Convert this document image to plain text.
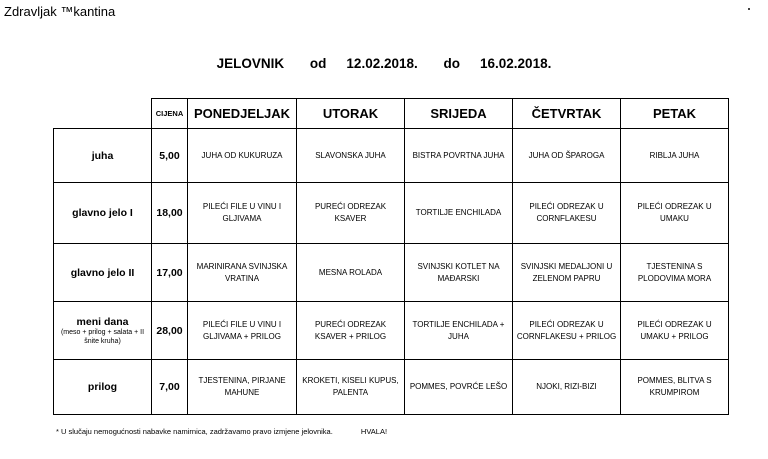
Zdravljak ™kantina
JELOVNIK od 12.02.2018. do 16.02.2018.
	CIJENA	PONEDJELJAK	UTORAK	SRIJEDA	ČETVRTAK	PETAK
juha	5,00	JUHA OD KUKURUZA	SLAVONSKA JUHA	BISTRA POVRTNA JUHA	JUHA OD ŠPAROGA	RIBLJA JUHA
glavno jelo I	18,00	PILEĆI FILE U VINU I GLJIVAMA	PUREĆI ODREZAK KSAVER	TORTILJE ENCHILADA	PILEĆI ODREZAK U CORNFLAKESU	PILEĆI ODREZAK U UMAKU
glavno jelo II	17,00	MARINIRANA SVINJSKA VRATINA	MESNA ROLADA	SVINJSKI KOTLET NA MAĐARSKI	SVINJSKI MEDALJONI U ZELENOM PAPRU	TJESTENINA S PLODOVIMA MORA
meni dana
(meso + prilog + salata + II šnite kruha)	28,00	PILEĆI FILE U VINU I GLJIVAMA + PRILOG	PUREĆI ODREZAK KSAVER + PRILOG	TORTILJE ENCHILADA + JUHA	PILEĆI ODREZAK U CORNFLAKESU + PRILOG	PILEĆI ODREZAK U UMAKU + PRILOG
prilog	7,00	TJESTENINA, PIRJANE MAHUNE	KROKETI, KISELI KUPUS, PALENTA	POMMES, POVRĆE LEŠO	NJOKI, RIZI-BIZI	POMMES, BLITVA S KRUMPIROM
* U slučaju nemogućnosti nabavke namirnica, zadržavamo pravo izmjene jelovnika.	HVALA!
